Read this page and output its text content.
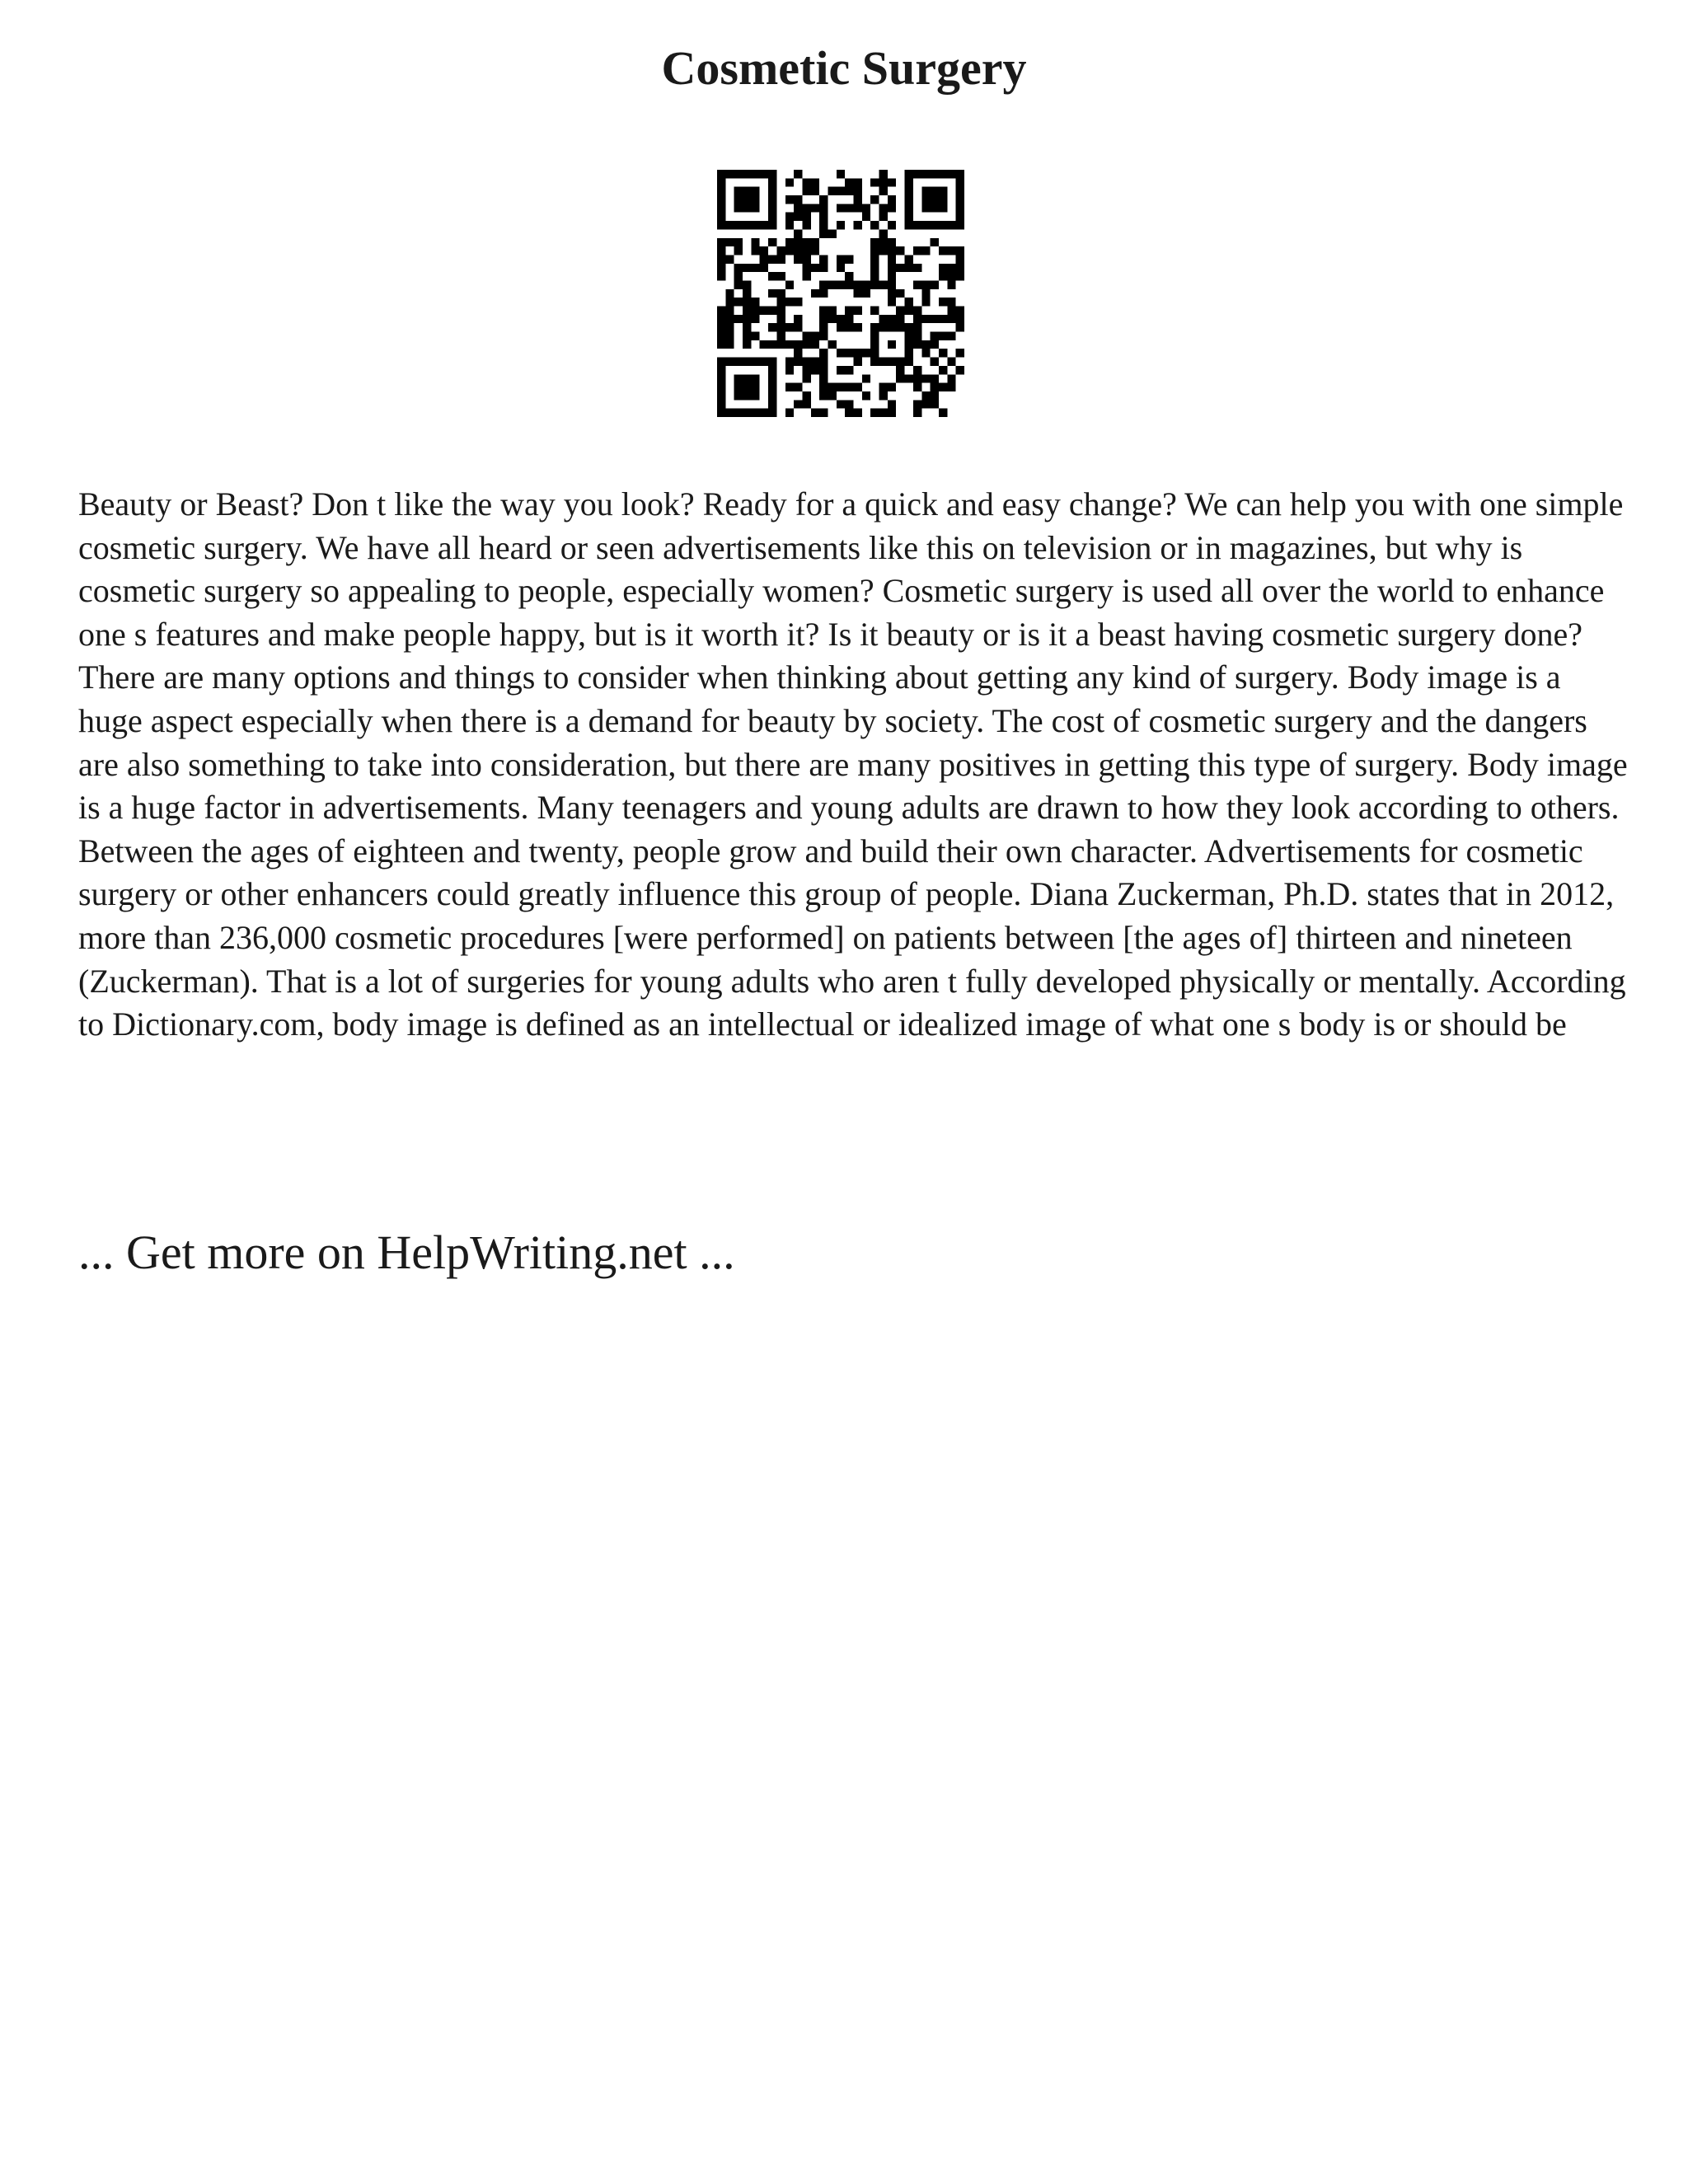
Cosmetic Surgery

Beauty or Beast? Don t like the way you look? Ready for a quick and easy change? We can help you with one simple cosmetic surgery. We have all heard or seen advertisements like this on television or in magazines, but why is cosmetic surgery so appealing to people, especially women? Cosmetic surgery is used all over the world to enhance one s features and make people happy, but is it worth it? Is it beauty or is it a beast having cosmetic surgery done? There are many options and things to consider when thinking about getting any kind of surgery. Body image is a huge aspect especially when there is a demand for beauty by society. The cost of cosmetic surgery and the dangers are also something to take into consideration, but there are many positives in getting this type of surgery. Body image is a huge factor in advertisements. Many teenagers and young adults are drawn to how they look according to others. Between the ages of eighteen and twenty, people grow and build their own character. Advertisements for cosmetic surgery or other enhancers could greatly influence this group of people. Diana Zuckerman, Ph.D. states that in 2012, more than 236,000 cosmetic procedures [were performed] on patients between [the ages of] thirteen and nineteen (Zuckerman). That is a lot of surgeries for young adults who aren t fully developed physically or mentally. According to Dictionary.com, body image is defined as an intellectual or idealized image of what one s body is or should be

... Get more on HelpWriting.net ...
